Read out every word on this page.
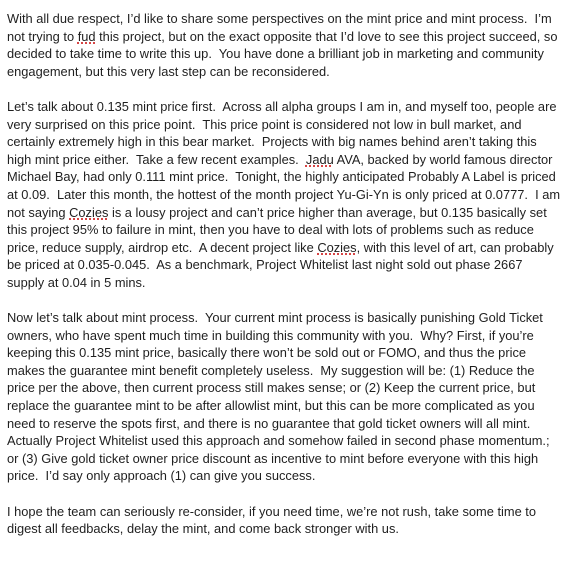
With all due respect, I’d like to share some perspectives on the mint price and mint process.  I’m not trying to fud this project, but on the exact opposite that I’d love to see this project succeed, so decided to take time to write this up.  You have done a brilliant job in marketing and community engagement, but this very last step can be reconsidered.

Let’s talk about 0.135 mint price first.  Across all alpha groups I am in, and myself too, people are very surprised on this price point.  This price point is considered not low in bull market, and certainly extremely high in this bear market.  Projects with big names behind aren’t taking this high mint price either.  Take a few recent examples.  Jadu AVA, backed by world famous director Michael Bay, had only 0.111 mint price.  Tonight, the highly anticipated Probably A Label is priced at 0.09.  Later this month, the hottest of the month project Yu-Gi-Yn is only priced at 0.0777.  I am not saying Cozies is a lousy project and can’t price higher than average, but 0.135 basically set this project 95% to failure in mint, then you have to deal with lots of problems such as reduce price, reduce supply, airdrop etc.  A decent project like Cozies, with this level of art, can probably be priced at 0.035-0.045.  As a benchmark, Project Whitelist last night sold out phase 2667 supply at 0.04 in 5 mins.

Now let’s talk about mint process.  Your current mint process is basically punishing Gold Ticket owners, who have spent much time in building this community with you.  Why? First, if you’re keeping this 0.135 mint price, basically there won’t be sold out or FOMO, and thus the price makes the guarantee mint benefit completely useless.  My suggestion will be: (1) Reduce the price per the above, then current process still makes sense; or (2) Keep the current price, but replace the guarantee mint to be after allowlist mint, but this can be more complicated as you need to reserve the spots first, and there is no guarantee that gold ticket owners will all mint.  Actually Project Whitelist used this approach and somehow failed in second phase momentum.; or (3) Give gold ticket owner price discount as incentive to mint before everyone with this high price.  I’d say only approach (1) can give you success.

I hope the team can seriously re-consider, if you need time, we’re not rush, take some time to digest all feedbacks, delay the mint, and come back stronger with us.
